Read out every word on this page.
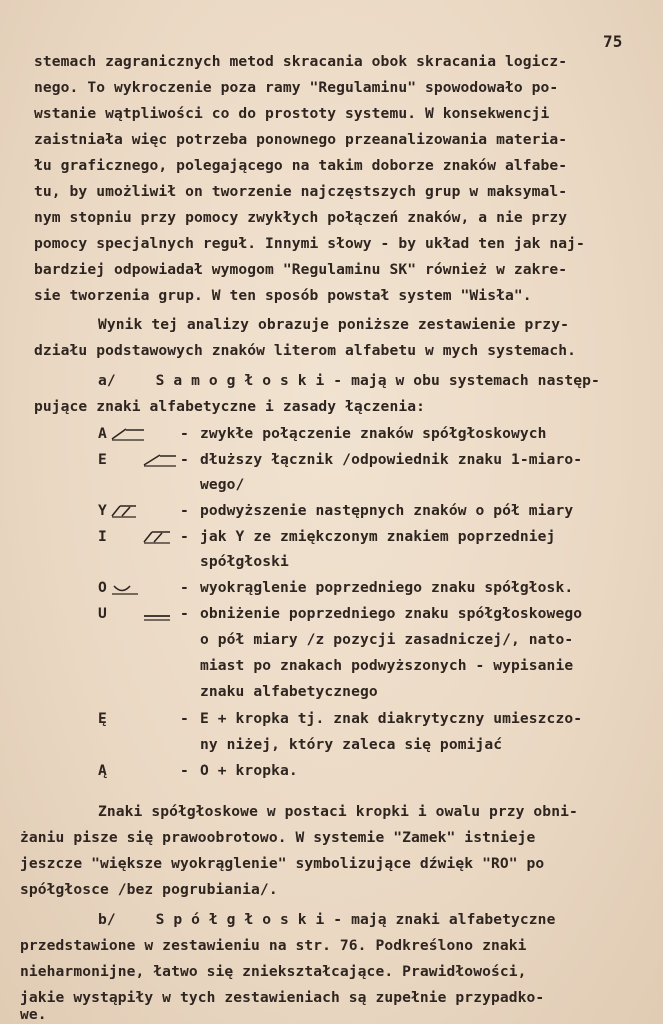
75
stemach zagranicznych metod skracania obok skracania logicz-
nego. To wykroczenie poza ramy "Regulaminu" spowodowało po-
wstanie wątpliwości co do prostoty systemu. W konsekwencji
zaistniała więc potrzeba ponownego przeanalizowania materia-
łu graficznego, polegającego na takim doborze znaków alfabe-
tu, by umożliwił on tworzenie najczęstszych grup w maksymal-
nym stopniu przy pomocy zwykłych połączeń znaków, a nie przy
pomocy specjalnych reguł. Innymi słowy - by układ ten jak naj-
bardziej odpowiadał wymogom "Regulaminu SK" również w zakre-
sie tworzenia grup. W ten sposób powstał system "Wisła".
Wynik tej analizy obrazuje poniższe zestawienie przy-
działu podstawowych znaków literom alfabetu w mych systemach.
a/	S a m o g ł o s k i - mają w obu systemach następ-
pujące znaki alfabetyczne i zasady łączenia:
A	- zwykłe połączenie znaków spółgłoskowych
E	- dłuższy łącznik /odpowiednik znaku 1-miaro-
wego/
Y	- podwyższenie następnych znaków o pół miary
I	- jak Y ze zmiękczonym znakiem poprzedniej
spółgłoski
O	- wyokrąglenie poprzedniego znaku spółgłosk.
U	- obniżenie poprzedniego znaku spółgłoskowego
o pół miary /z pozycji zasadniczej/, nato-
miast po znakach podwyższonych - wypisanie
znaku alfabetycznego
Ę	- E + kropka tj. znak diakrytyczny umieszczo-
ny niżej, który zaleca się pomijać
Ą	- O + kropka.
Znaki spółgłoskowe w postaci kropki i owalu przy obni-
żaniu pisze się prawoobrotowo. W systemie "Zamek" istnieje
jeszcze "większe wyokrąglenie" symbolizujące dźwięk "RO" po
spółgłosce /bez pogrubiania/.
b/	S p ó ł g ł o s k i - mają znaki alfabetyczne
przedstawione w zestawieniu na str. 76. Podkreślono znaki
nieharmonijne, łatwo się zniekształcające. Prawidłowości,
jakie wystąpiły w tych zestawieniach są zupełnie przypadko-
we.
